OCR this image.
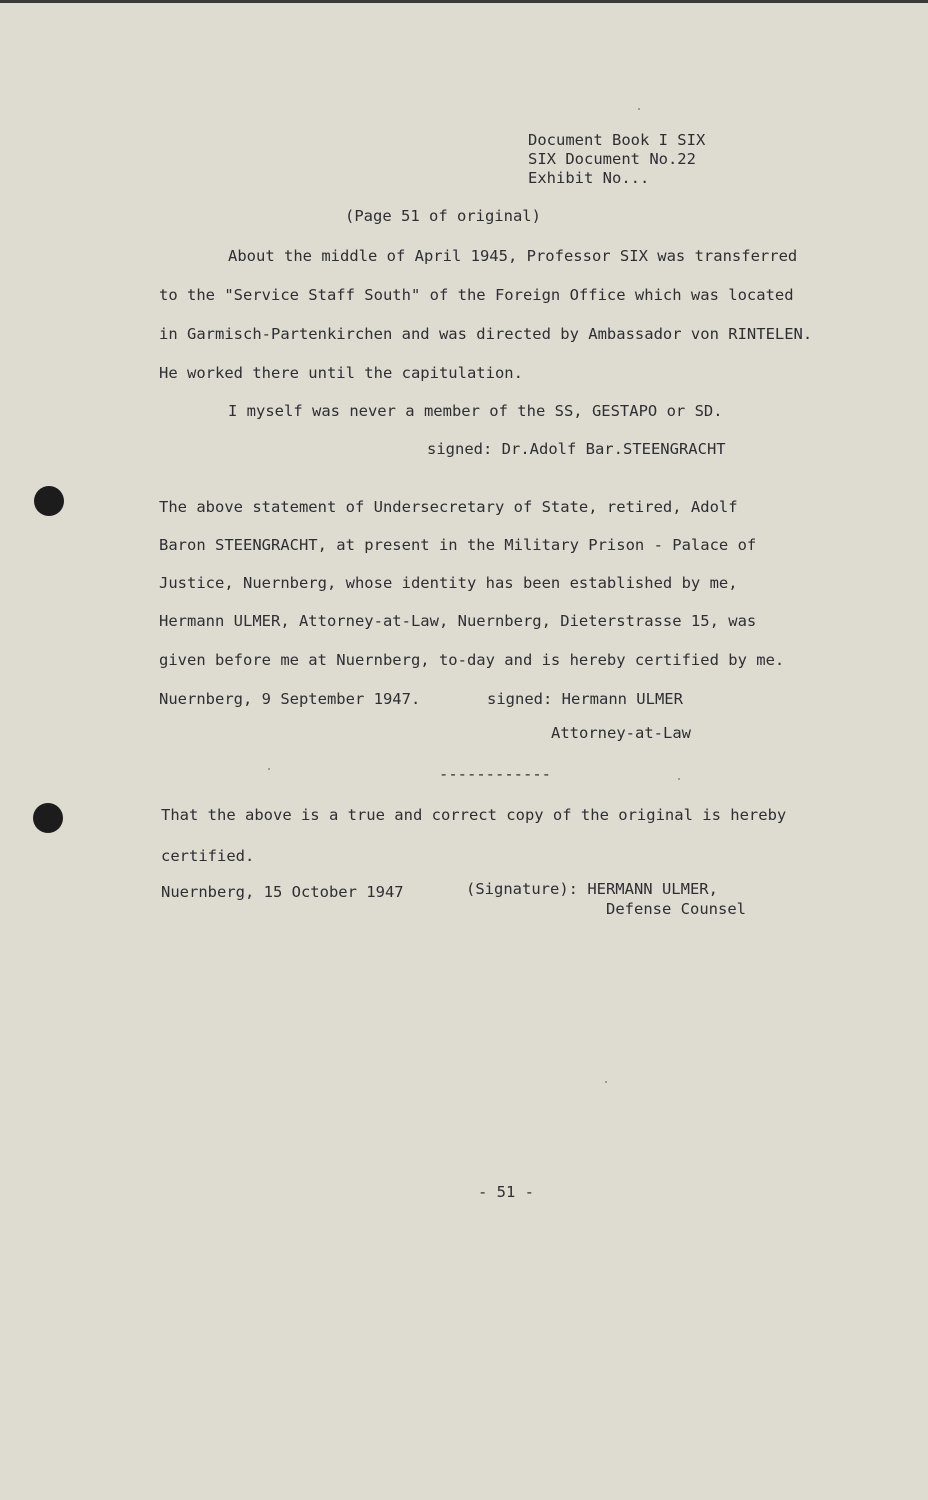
Document Book I SIX
SIX Document No.22
Exhibit No...
(Page 51 of original)
About the middle of April 1945, Professor SIX was transferred
to the "Service Staff South" of the Foreign Office which was located
in Garmisch-Partenkirchen and was directed by Ambassador von RINTELEN.
He worked there until the capitulation.
I myself was never a member of the SS, GESTAPO or SD.
signed: Dr.Adolf Bar.STEENGRACHT
The above statement of Undersecretary of State, retired, Adolf
Baron STEENGRACHT, at present in the Military Prison - Palace of
Justice, Nuernberg, whose identity has been established by me,
Hermann ULMER, Attorney-at-Law, Nuernberg, Dieterstrasse 15, was
given before me at Nuernberg, to-day and is hereby certified by me.
Nuernberg, 9 September 1947.	signed: Hermann ULMER
Attorney-at-Law
------------
That the above is a true and correct copy of the original is hereby
certified.
Nuernberg, 15 October 1947	(Signature): HERMANN ULMER,
Defense Counsel
- 51 -
